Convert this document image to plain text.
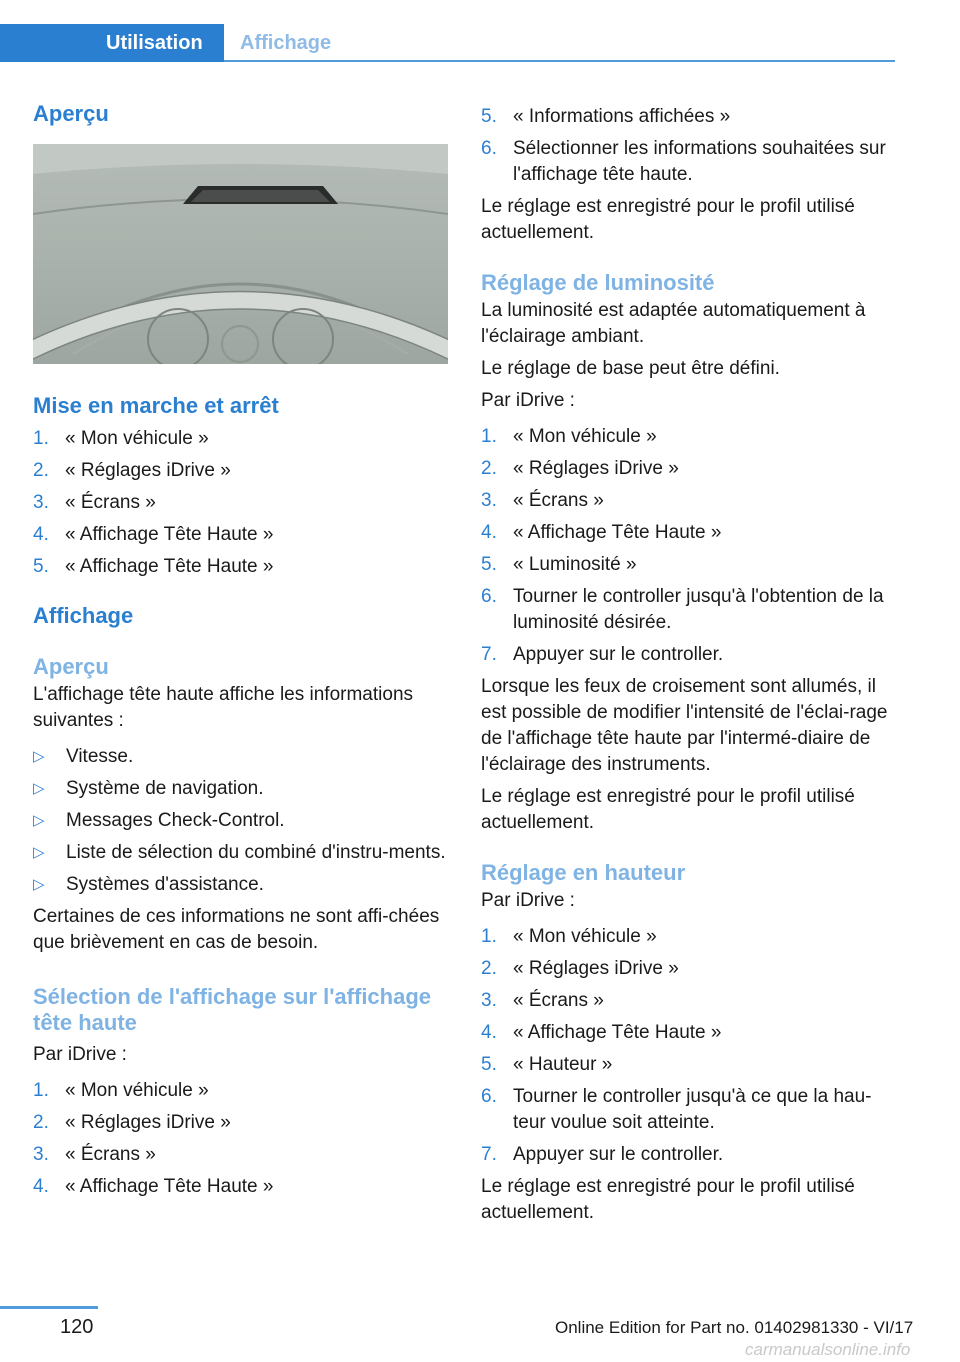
Utilisation	Affichage
Aperçu
Mise en marche et arrêt
1. « Mon véhicule »
2. « Réglages iDrive »
3. « Écrans »
4. « Affichage Tête Haute »
5. « Affichage Tête Haute »
Affichage
Aperçu

L'affichage tête haute affiche les informations suivantes :

▷ Vitesse.
▷ Système de navigation.
▷ Messages Check-Control.
▷ Liste de sélection du combiné d'instru-ments.
▷ Systèmes d'assistance.

Certaines de ces informations ne sont affi-chées que brièvement en cas de besoin.

Sélection de l'affichage sur l'affichage tête haute

Par iDrive :

1. « Mon véhicule »
2. « Réglages iDrive »
3. « Écrans »
4. « Affichage Tête Haute »
5. « Informations affichées »
6. Sélectionner les informations souhaitées sur l'affichage tête haute.

Le réglage est enregistré pour le profil utilisé actuellement.

Réglage de luminosité

La luminosité est adaptée automatiquement à l'éclairage ambiant.

Le réglage de base peut être défini.

Par iDrive :

1. « Mon véhicule »
2. « Réglages iDrive »
3. « Écrans »
4. « Affichage Tête Haute »
5. « Luminosité »
6. Tourner le controller jusqu'à l'obtention de la luminosité désirée.
7. Appuyer sur le controller.

Lorsque les feux de croisement sont allumés, il est possible de modifier l'intensité de l'éclai-rage de l'affichage tête haute par l'intermé-diaire de l'éclairage des instruments.

Le réglage est enregistré pour le profil utilisé actuellement.

Réglage en hauteur

Par iDrive :

1. « Mon véhicule »
2. « Réglages iDrive »
3. « Écrans »
4. « Affichage Tête Haute »
5. « Hauteur »
6. Tourner le controller jusqu'à ce que la hau-teur voulue soit atteinte.
7. Appuyer sur le controller.

Le réglage est enregistré pour le profil utilisé actuellement.

120	Online Edition for Part no. 01402981330 - VI/17
carmanualsonline.info
